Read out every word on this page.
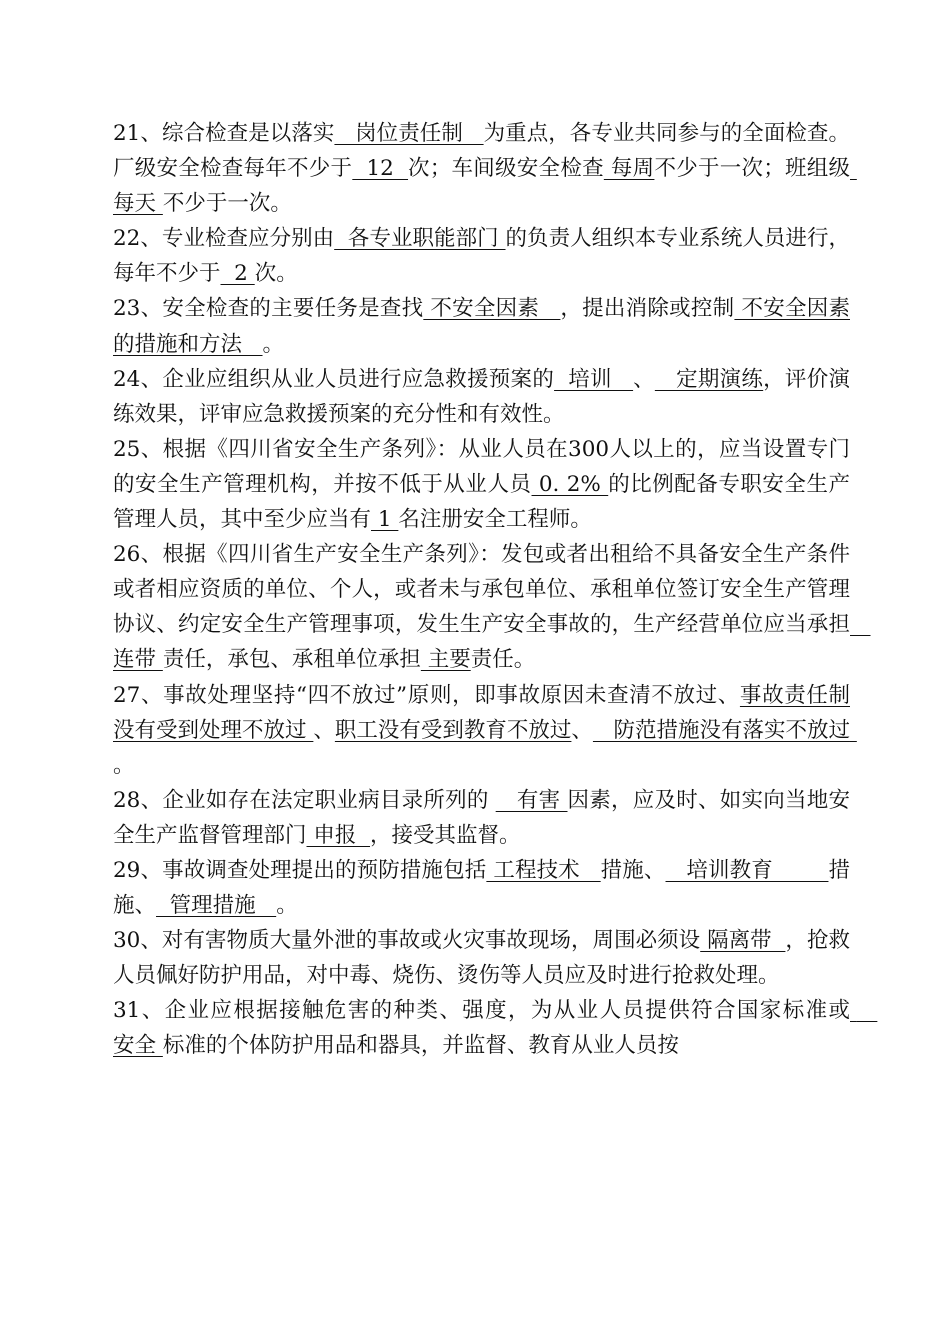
21、综合检查是以落实   岗位责任制   为重点，各专业共同参与的全面检查。厂级安全检查每年不少于  12  次；车间级安全检查 每周不少于一次；班组级 每天 不少于一次。

22、专业检查应分别由  各专业职能部门 的负责人组织本专业系统人员进行，每年不少于  2 次。

23、安全检查的主要任务是查找 不安全因素   ，提出消除或控制 不安全因素的措施和方法   。

24、企业应组织从业人员进行应急救援预案的  培训   、   定期演练，评价演练效果，评审应急救援预案的充分性和有效性。

25、根据《四川省安全生产条列》：从业人员在300人以上的，应当设置专门的安全生产管理机构，并按不低于从业人员 0. 2% 的比例配备专职安全生产管理人员，其中至少应当有 1 名注册安全工程师。

26、根据《四川省生产安全生产条列》：发包或者出租给不具备安全生产条件或者相应资质的单位、个人，或者未与承包单位、承租单位签订安全生产管理协议、约定安全生产管理事项，发生生产安全事故的，生产经营单位应当承担   连带 责任，承包、承租单位承担 主要责任。

27、事故处理坚持“四不放过”原则，即事故原因未查清不放过、事故责任制没有受到处理不放过 、职工没有受到教育不放过、   防范措施没有落实不放过 。

28、企业如存在法定职业病目录所列的    有害 因素，应及时、如实向当地安全生产监督管理部门 申报  ，接受其监督。

29、事故调查处理提出的预防措施包括 工程技术   措施、   培训教育        措施、  管理措施   。

30、对有害物质大量外泄的事故或火灾事故现场，周围必须设 隔离带  ，抢救人员佩好防护用品，对中毒、烧伤、烫伤等人员应及时进行抢救处理。

31、企业应根据接触危害的种类、强度，为从业人员提供符合国家标准或    安全 标准的个体防护用品和器具，并监督、教育从业人员按
